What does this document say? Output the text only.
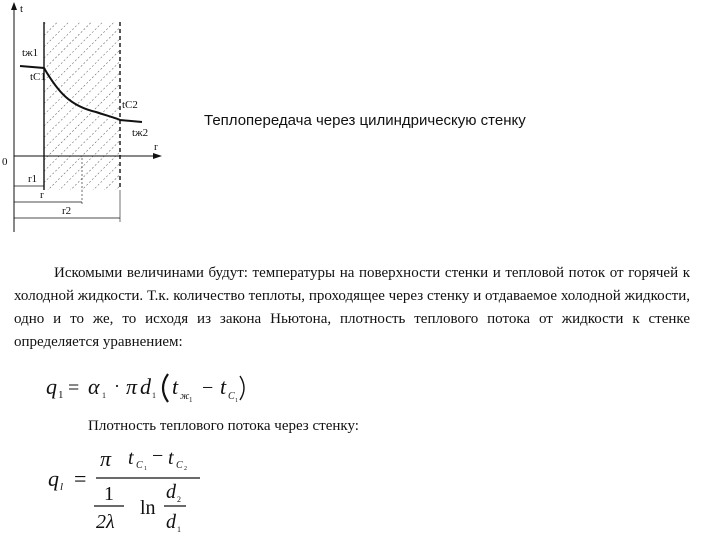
t
r
0
tж1
tC1
tC2
tж2
r1
r
r2
Теплопередача через цилиндрическую стенку
Искомыми величинами будут: температуры на поверхности стенки и тепловой поток от горячей к холодной жидкости. Т.к. количество теплоты, проходящее через стенку и отдаваемое холодной жидкости, одно и то же, то исходя из закона Ньютона, плотность теплового потока от жидкости к стенке определяется уравнением:
q 1 = α 1 · π d 1 t ж 1
− t C 1
Плотность теплового потока через стенку:
q l =
π t C 1
− t C 2
1
2λ
ln
d 2
d 1
